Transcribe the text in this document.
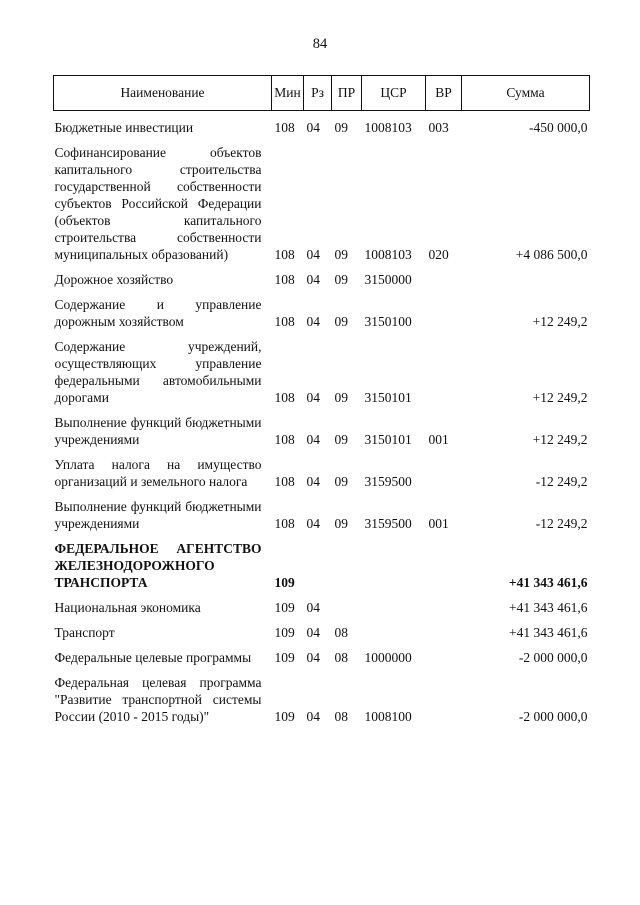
84
Наименование	Мин	Рз	ПР	ЦСР	ВР	Сумма
Бюджетные инвестиции	108	04	09	1008103	003	-450 000,0
Софинансирование объектов капитального строительства государственной собственности субъектов Российской Федерации (объектов капитального строительства собственности муниципальных образований)	108	04	09	1008103	020	+4 086 500,0
Дорожное хозяйство	108	04	09	3150000		
Содержание и управление дорожным хозяйством	108	04	09	3150100		+12 249,2
Содержание учреждений, осуществляющих управление федеральными автомобильными дорогами	108	04	09	3150101		+12 249,2
Выполнение функций бюджетными учреждениями	108	04	09	3150101	001	+12 249,2
Уплата налога на имущество организаций и земельного налога	108	04	09	3159500		-12 249,2
Выполнение функций бюджетными учреждениями	108	04	09	3159500	001	-12 249,2
ФЕДЕРАЛЬНОЕ АГЕНТСТВО ЖЕЛЕЗНОДОРОЖНОГО ТРАНСПОРТА	109					+41 343 461,6
Национальная экономика	109	04				+41 343 461,6
Транспорт	109	04	08			+41 343 461,6
Федеральные целевые программы	109	04	08	1000000		-2 000 000,0
Федеральная целевая программа "Развитие транспортной системы России (2010 - 2015 годы)"	109	04	08	1008100		-2 000 000,0
